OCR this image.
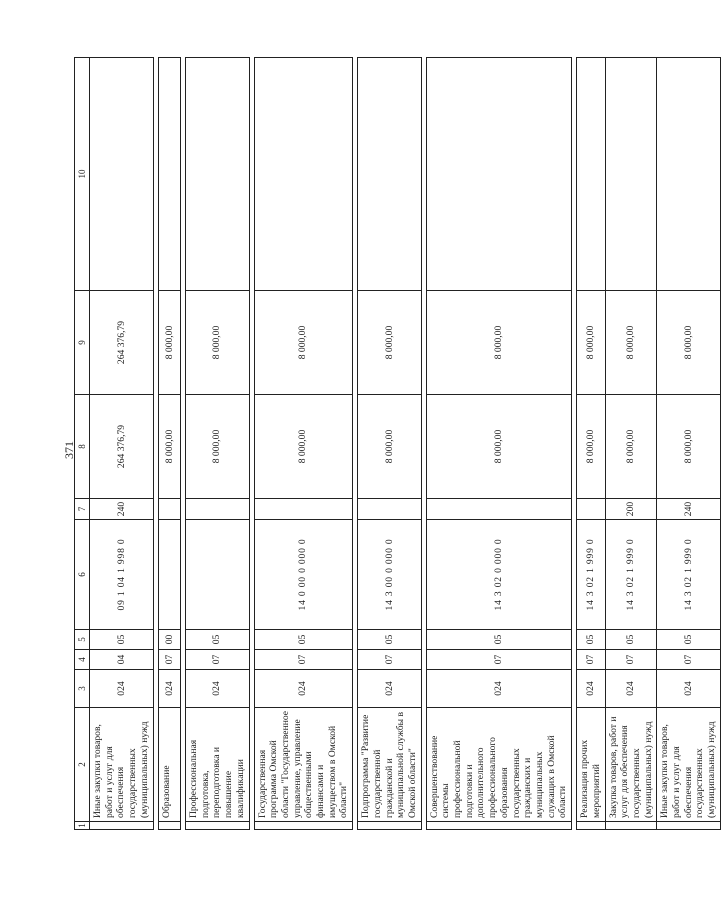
371
1	2	3	4	5	6	7	8	9	10
	Иные закупки товаров, работ и услуг для обеспечения государственных (муниципальных) нужд	024	04	05	09 1 04 1 998 0	240	264 376,79	264 376,79	

	Образование	024	07	00			8 000,00	8 000,00	

	Профессиональная подготовка, переподготовка и повышение квалификации	024	07	05			8 000,00	8 000,00	

	Государственная программа Омской области "Государственное управление, управление общественными финансами и имуществом в Омской области"	024	07	05	14 0 00 0 000 0		8 000,00	8 000,00	

	Подпрограмма "Развитие государственной гражданской и муниципальной службы в Омской области"	024	07	05	14 3 00 0 000 0		8 000,00	8 000,00	

	Совершенствование системы профессиональной подготовки и дополнительного профессионального образования государственных гражданских и муниципальных служащих в Омской области	024	07	05	14 3 02 0 000 0		8 000,00	8 000,00	

	Реализация прочих мероприятий	024	07	05	14 3 02 1 999 0		8 000,00	8 000,00	
	Закупка товаров, работ и услуг для обеспечения государственных (муниципальных) нужд	024	07	05	14 3 02 1 999 0	200	8 000,00	8 000,00	
	Иные закупки товаров, работ и услуг для обеспечения государственных (муниципальных) нужд	024	07	05	14 3 02 1 999 0	240	8 000,00	8 000,00	
